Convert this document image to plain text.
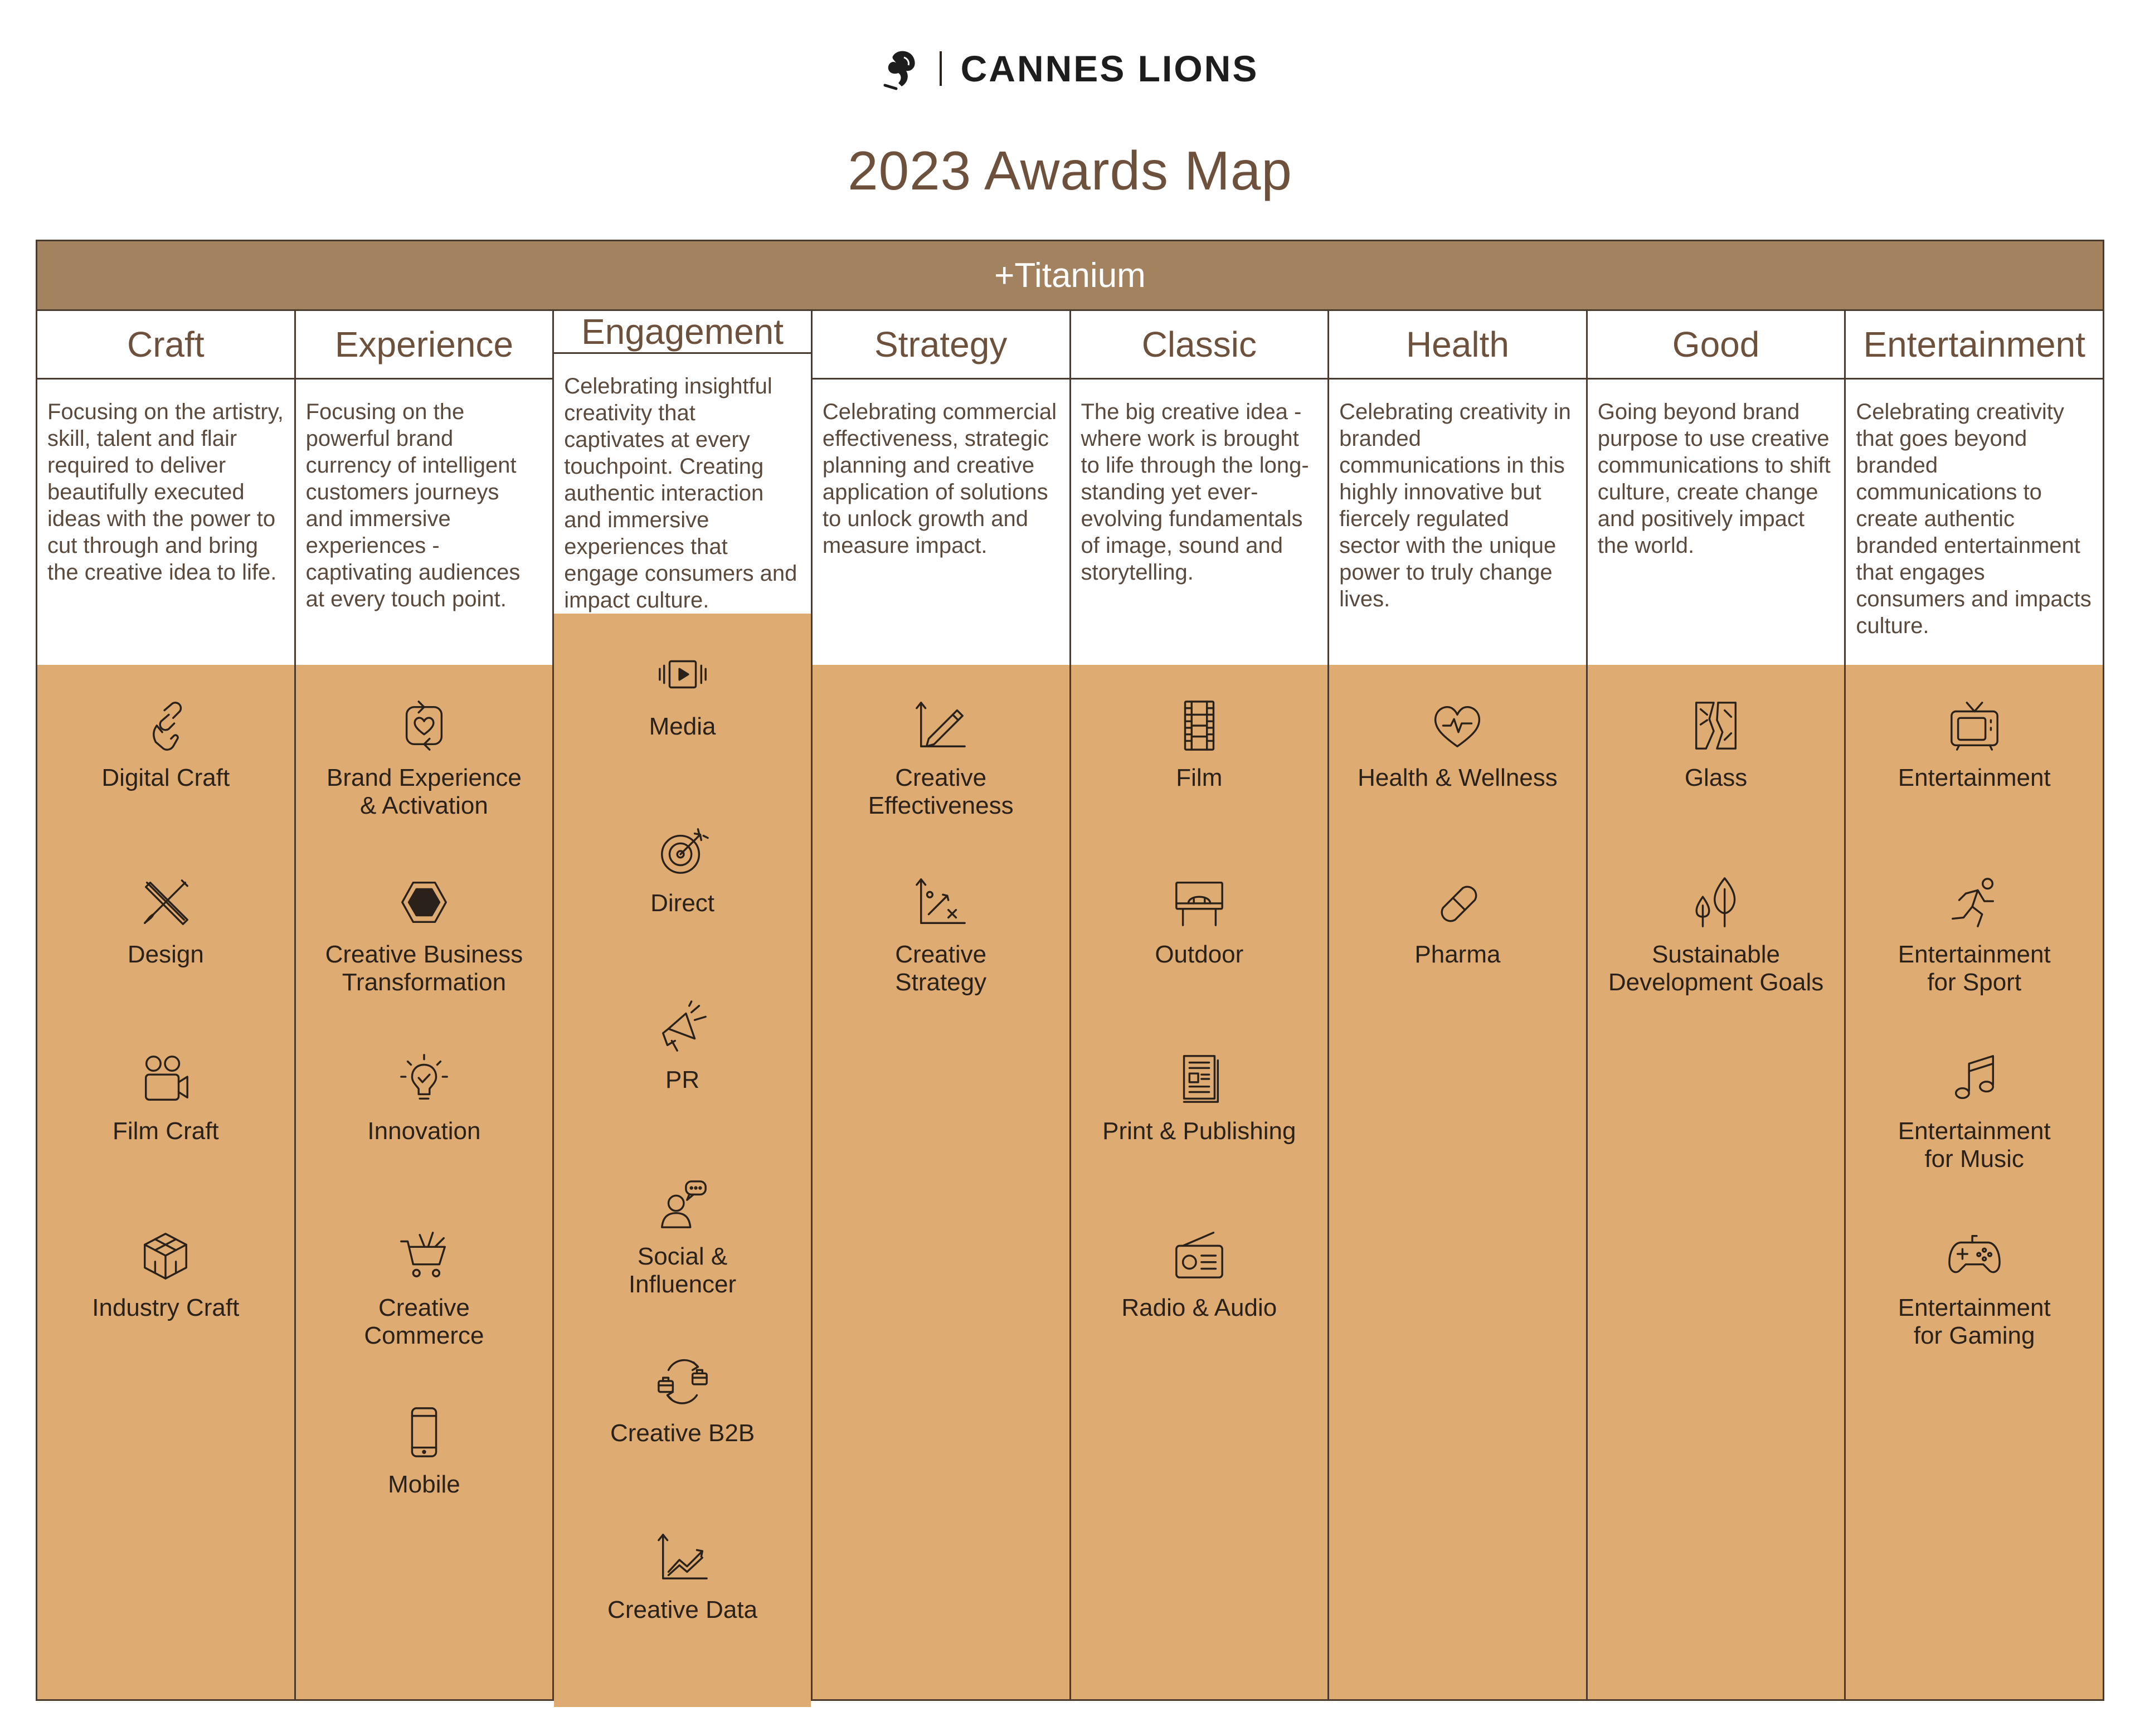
CANNES LIONS
2023 Awards Map
+Titanium
Craft
Focusing on the artistry, skill, talent and flair required to deliver beautifully executed ideas with the power to cut through and bring the creative idea to life.
Digital Craft
Design
Film Craft
Industry Craft
Experience
Focusing on the powerful brand currency of intelligent customers journeys and immersive experiences - captivating audiences at every touch point.
Brand Experience
& Activation
Creative Business
Transformation
Innovation
Creative
Commerce
Mobile
Engagement
Celebrating insightful creativity that captivates at every touchpoint. Creating authentic interaction and immersive experiences that engage consumers and impact culture.
Media
Direct
PR
Social &
Influencer
Creative B2B
Creative Data
Strategy
Celebrating commercial effectiveness, strategic planning and creative application of solutions to unlock growth and measure impact.
Creative
Effectiveness
Creative
Strategy
Classic
The big creative idea - where work is brought to life through the long-standing yet ever-evolving fundamentals of image, sound and storytelling.
Film
Outdoor
Print & Publishing
Radio & Audio
Health
Celebrating creativity in branded communications in this highly innovative but fiercely regulated sector with the unique power to truly change lives.
Health & Wellness
Pharma
Good
Going beyond brand purpose to use creative communications to shift culture, create change and positively impact the world.
Glass
Sustainable
Development Goals
Entertainment
Celebrating creativity that goes beyond branded communications to create authentic branded entertainment that engages consumers and impacts culture.
Entertainment
Entertainment
for Sport
Entertainment
for Music
Entertainment
for Gaming
